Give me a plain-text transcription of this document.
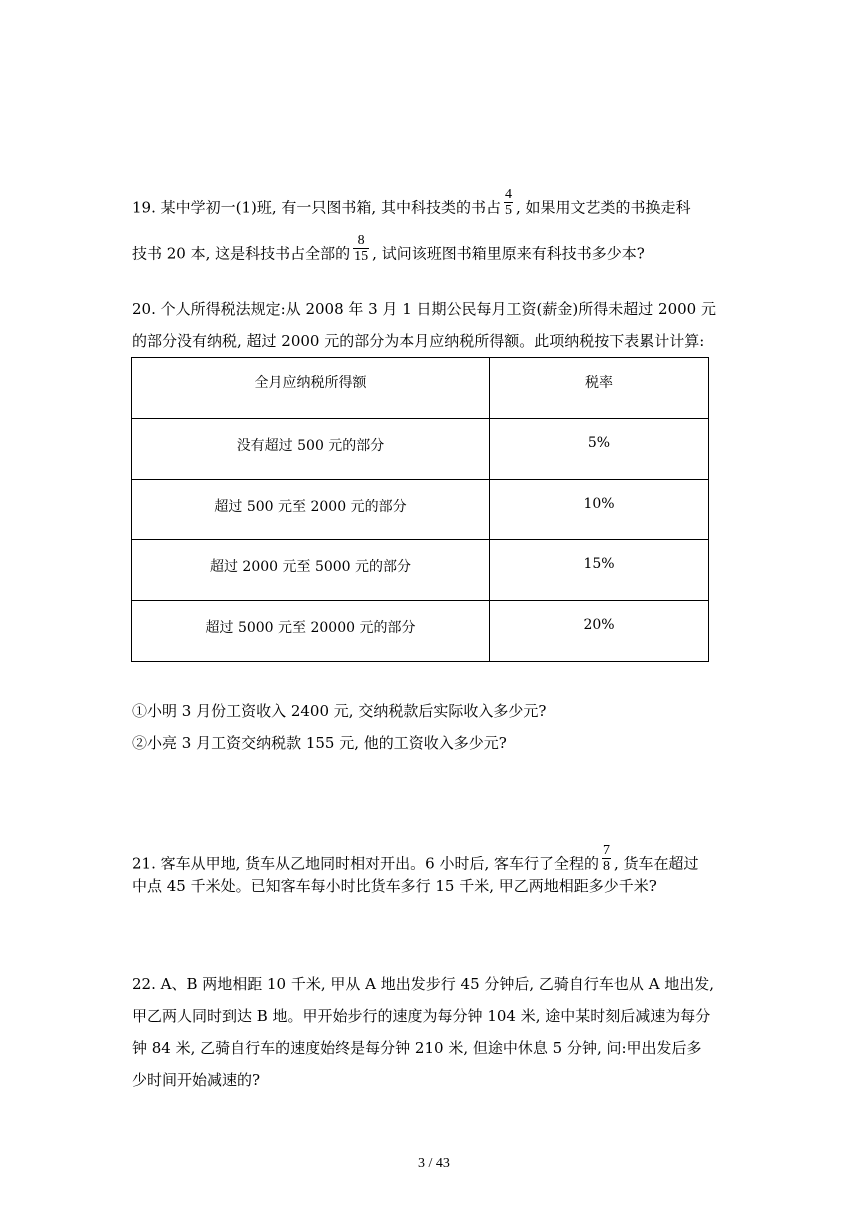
19. 某中学初一(1)班, 有一只图书箱, 其中科技类的书占 $\frac{4}{5}$ , 如果用文艺类的书换走科
技书 20 本, 这是科技书占全部的 $\frac{8}{15}$ , 试问该班图书箱里原来有科技书多少本?
20. 个人所得税法规定:从 2008 年 3 月 1 日期公民每月工资(薪金)所得未超过 2000 元
的部分没有纳税, 超过 2000 元的部分为本月应纳税所得额。此项纳税按下表累计计算:
全月应纳税所得额	税率
没有超过 500 元的部分	5%
超过 500 元至 2000 元的部分	10%
超过 2000 元至 5000 元的部分	15%
超过 5000 元至 20000 元的部分	20%
①小明 3 月份工资收入 2400 元, 交纳税款后实际收入多少元?
②小亮 3 月工资交纳税款 155 元, 他的工资收入多少元?
21. 客车从甲地, 货车从乙地同时相对开出。6 小时后, 客车行了全程的 $\frac{7}{8}$ , 货车在超过
中点 45 千米处。已知客车每小时比货车多行 15 千米, 甲乙两地相距多少千米?
22. A、B 两地相距 10 千米, 甲从 A 地出发步行 45 分钟后, 乙骑自行车也从 A 地出发,
甲乙两人同时到达 B 地。甲开始步行的速度为每分钟 104 米, 途中某时刻后减速为每分
钟 84 米, 乙骑自行车的速度始终是每分钟 210 米, 但途中休息 5 分钟, 问:甲出发后多
少时间开始减速的?
3 / 43
